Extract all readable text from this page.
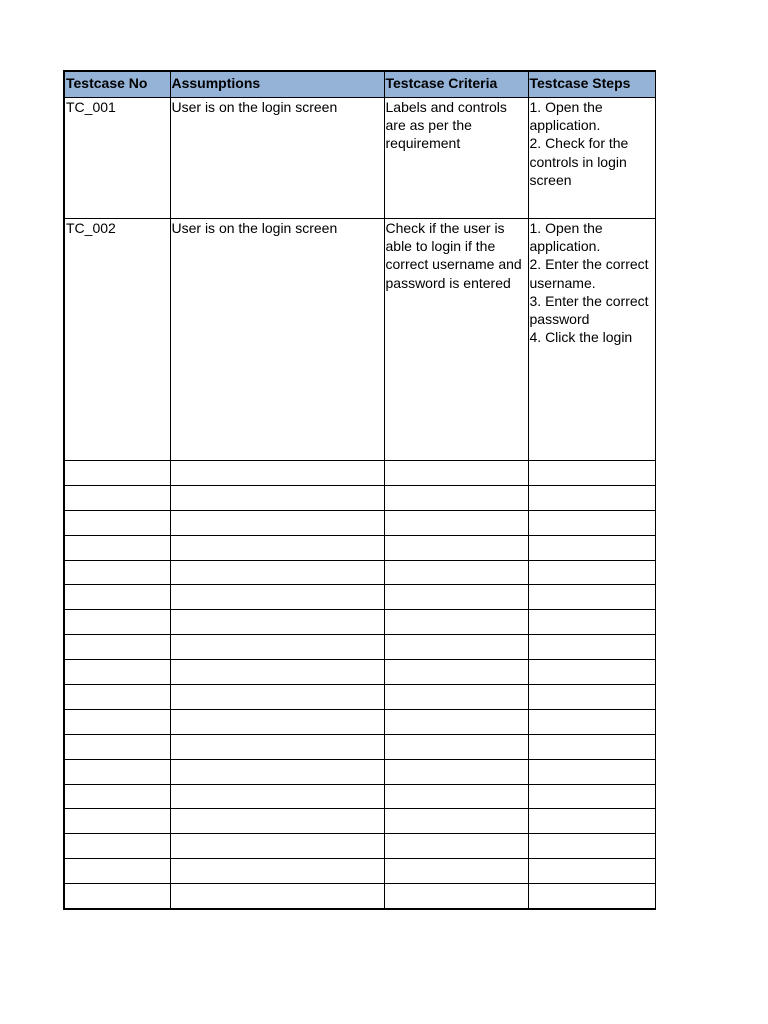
Testcase No	Assumptions	Testcase Criteria	Testcase Steps
TC_001	User is on the login screen	Labels and controls are as per the requirement	1. Open the application.
2. Check for the controls in login screen
TC_002	User is on the login screen	Check if the user is able to login if the correct username and password is entered	1. Open the application.
2. Enter the correct username.
3. Enter the correct password
4. Click the login
